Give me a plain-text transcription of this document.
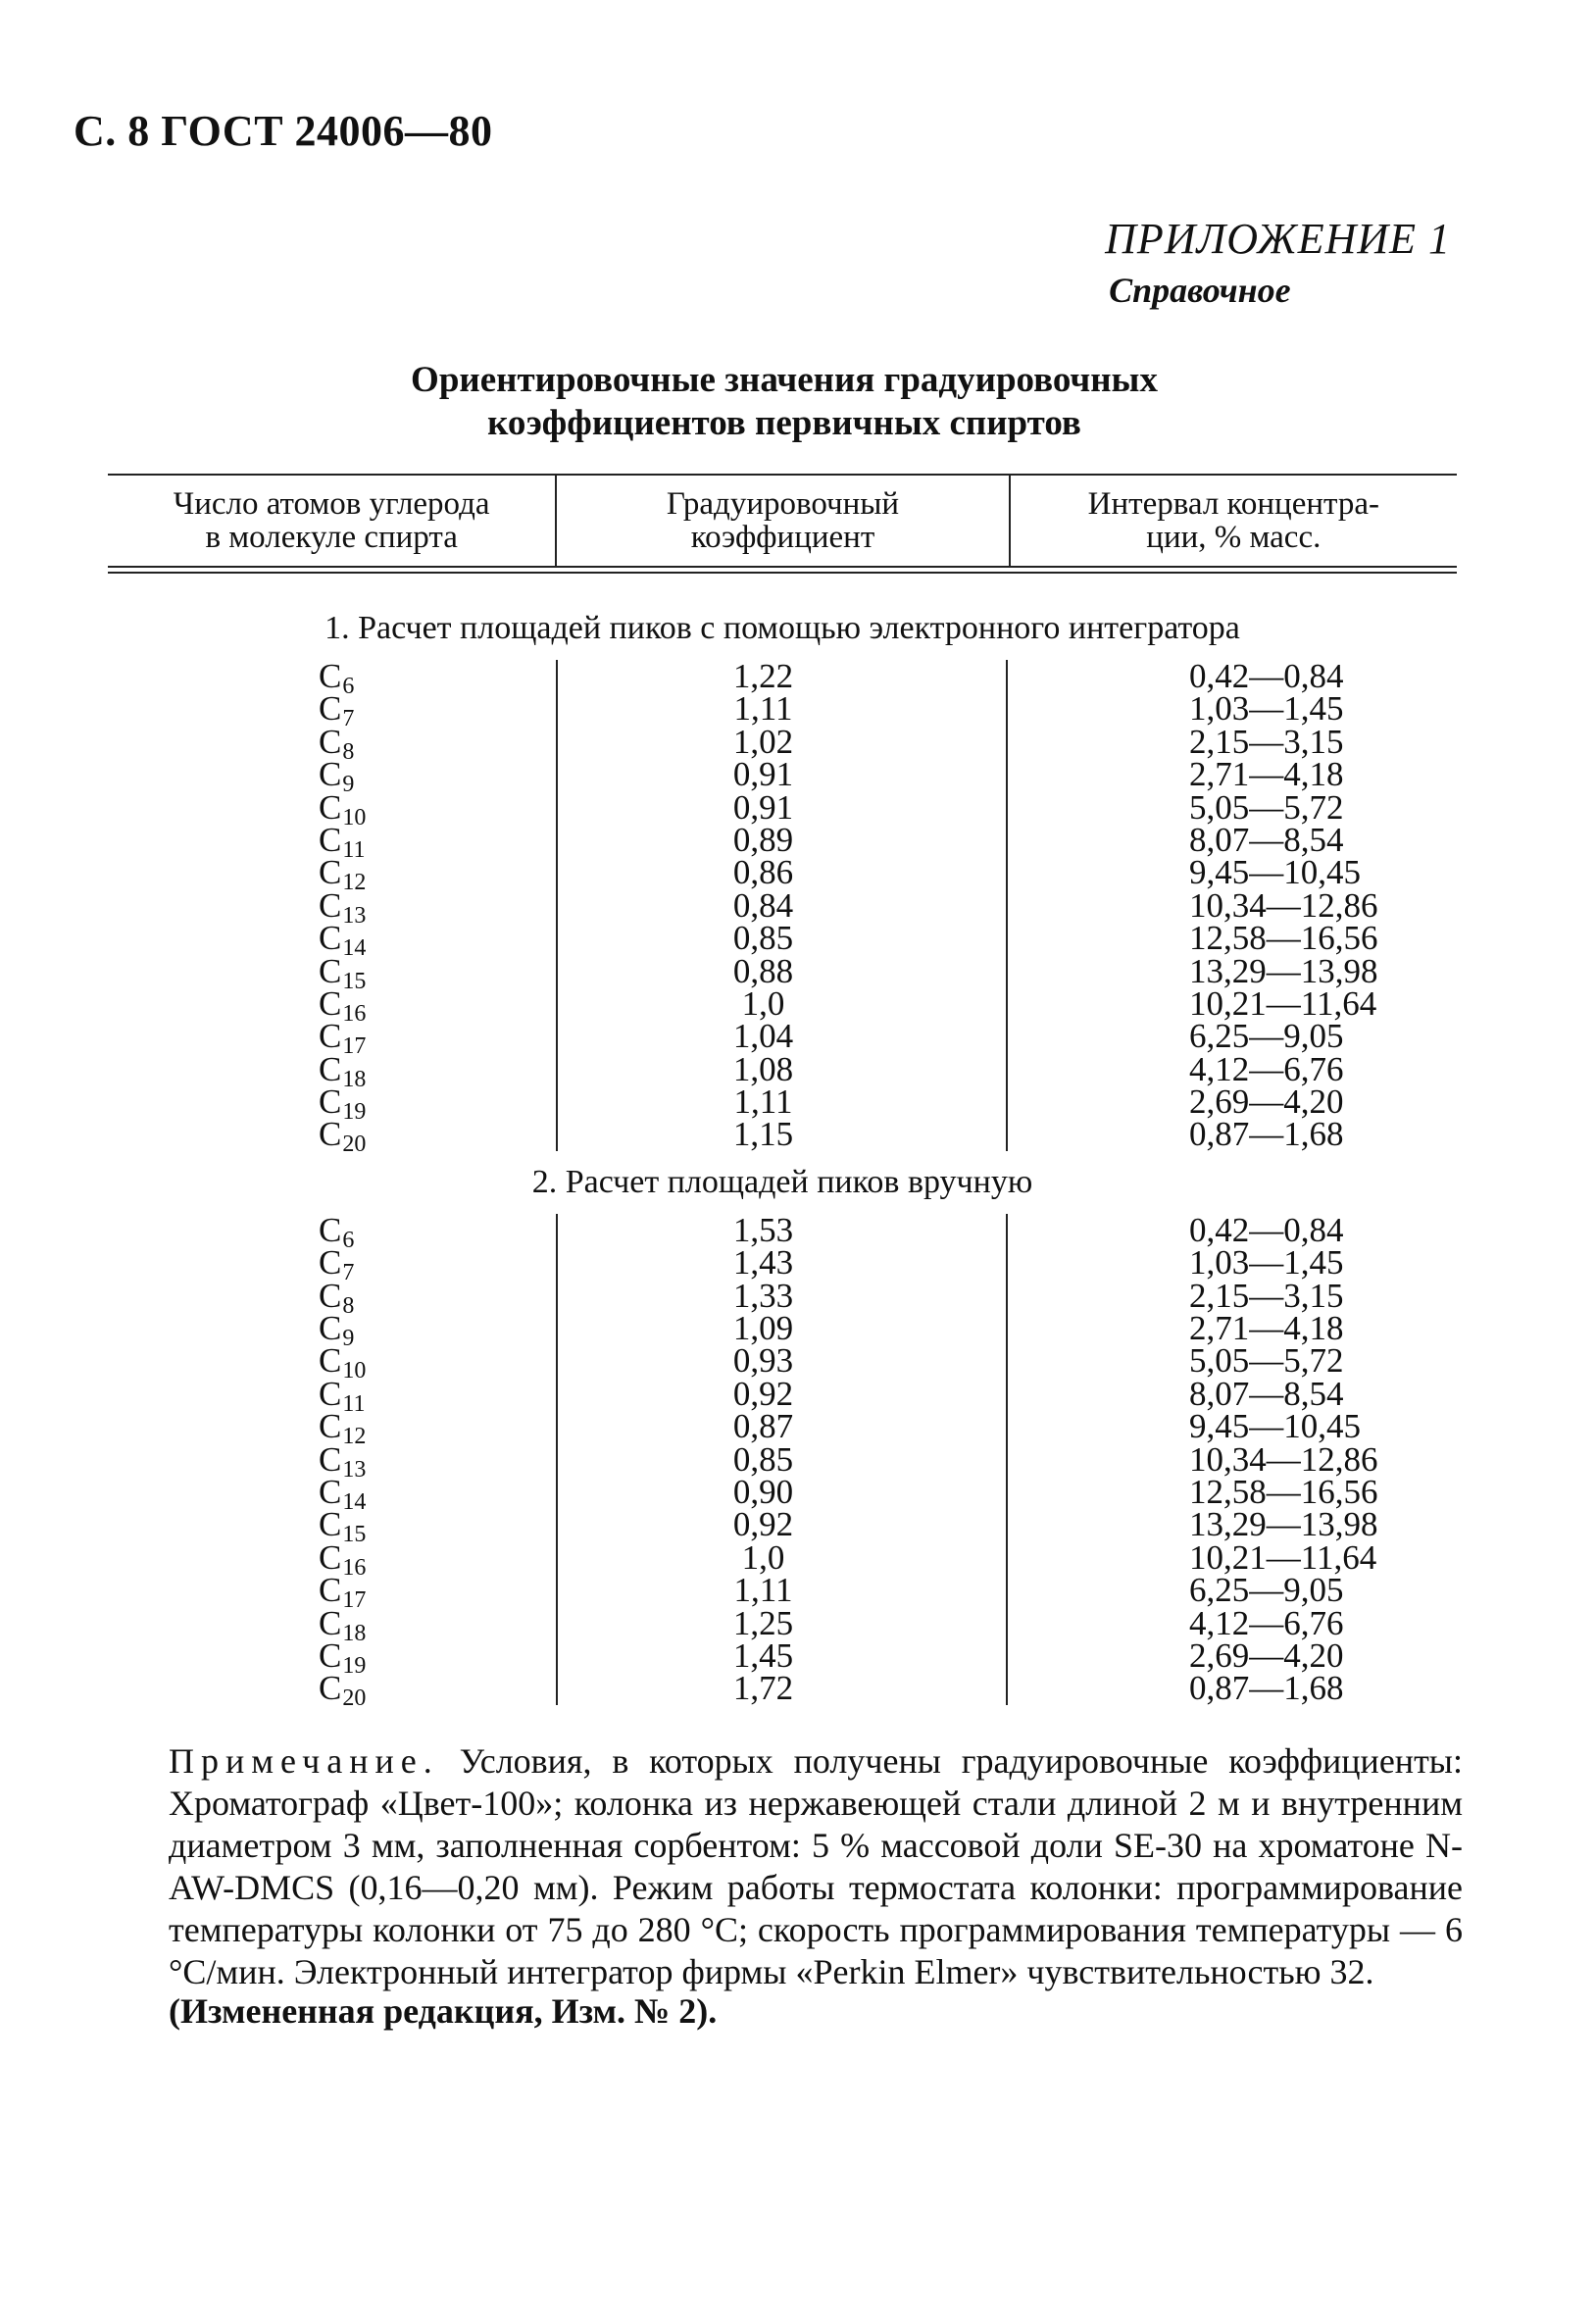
С. 8 ГОСТ 24006—80
ПРИЛОЖЕНИЕ 1
Справочное
Ориентировочные значения градуировочных
коэффициентов первичных спиртов
Число атомов углерода
в молекуле спирта
Градуировочный
коэффициент
Интервал концентра-
ции, % масс.
1. Расчет площадей пиков с помощью электронного интегратора
$C_6$
$C_7$
$C_8$
$C_9$
$C_{10}$
$C_{11}$
$C_{12}$
$C_{13}$
$C_{14}$
$C_{15}$
$C_{16}$
$C_{17}$
$C_{18}$
$C_{19}$
$C_{20}$
1,22
1,11
1,02
0,91
0,91
0,89
0,86
0,84
0,85
0,88
1,0
1,04
1,08
1,11
1,15
0,42—0,84
1,03—1,45
2,15—3,15
2,71—4,18
5,05—5,72
8,07—8,54
9,45—10,45
10,34—12,86
12,58—16,56
13,29—13,98
10,21—11,64
6,25—9,05
4,12—6,76
2,69—4,20
0,87—1,68
2. Расчет площадей пиков вручную
$C_6$
$C_7$
$C_8$
$C_9$
$C_{10}$
$C_{11}$
$C_{12}$
$C_{13}$
$C_{14}$
$C_{15}$
$C_{16}$
$C_{17}$
$C_{18}$
$C_{19}$
$C_{20}$
1,53
1,43
1,33
1,09
0,93
0,92
0,87
0,85
0,90
0,92
1,0
1,11
1,25
1,45
1,72
0,42—0,84
1,03—1,45
2,15—3,15
2,71—4,18
5,05—5,72
8,07—8,54
9,45—10,45
10,34—12,86
12,58—16,56
13,29—13,98
10,21—11,64
6,25—9,05
4,12—6,76
2,69—4,20
0,87—1,68
Примечание. Условия, в которых получены градуировочные коэффициенты: Хроматограф «Цвет-100»; колонка из нержавеющей стали длиной 2 м и внутренним диаметром 3 мм, заполненная сорбентом: 5 % массовой доли SE-30 на хроматоне N-AW-DMCS (0,16—0,20 мм). Режим работы термостата колонки: программирование температуры колонки от 75 до 280 °С; скорость программирования температуры — 6 °С/мин. Электронный интегратор фирмы «Perkin Elmer» чувствительностью 32.
(Измененная редакция, Изм. № 2).
